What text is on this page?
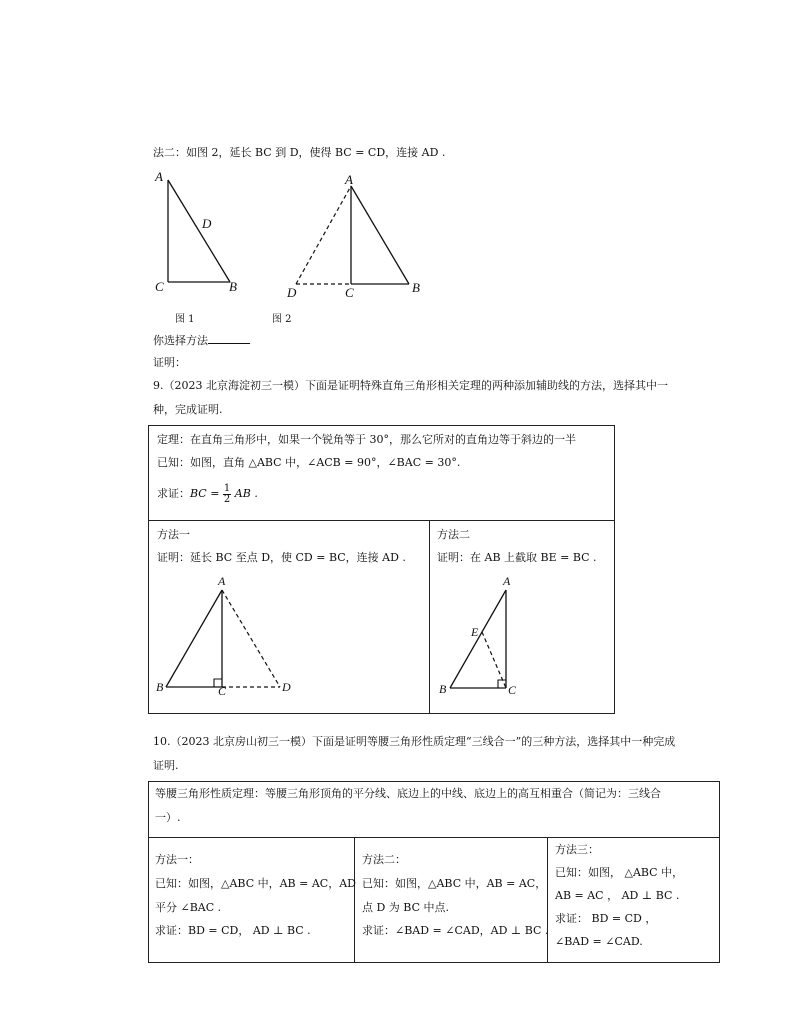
法二：如图 2，延长 BC 到 D，使得 BC = CD，连接 AD .
A
D
C	B
图 1
A
D	C	B
图 2
你选择方法
证明：
9.（2023 北京海淀初三一模）下面是证明特殊直角三角形相关定理的两种添加辅助线的方法，选择其中一
种，完成证明.
定理：在直角三角形中，如果一个锐角等于 30°，那么它所对的直角边等于斜边的一半
已知：如图，直角 △ABC 中，∠ACB = 90°，∠BAC = 30°.
求证：BC = $\frac{1}{2}$ AB .
方法一
证明：延长 BC 至点 D，使 CD = BC，连接 AD .
方法二
证明：在 AB 上截取 BE = BC .
A
B	C	D
A
E
B	C
10.（2023 北京房山初三一模）下面是证明等腰三角形性质定理“三线合一”的三种方法，选择其中一种完成
证明.
等腰三角形性质定理：等腰三角形顶角的平分线、底边上的中线、底边上的高互相重合（简记为：三线合
一）.
方法一：
已知：如图，△ABC 中，AB = AC，AD
平分 ∠BAC .
求证：BD = CD， AD ⊥ BC .
方法二：
已知：如图，△ABC 中，AB = AC，
点 D 为 BC 中点.
求证：∠BAD = ∠CAD，AD ⊥ BC .
方法三：
已知：如图， △ABC 中，
AB = AC ， AD ⊥ BC .
求证： BD = CD ，
∠BAD = ∠CAD.
